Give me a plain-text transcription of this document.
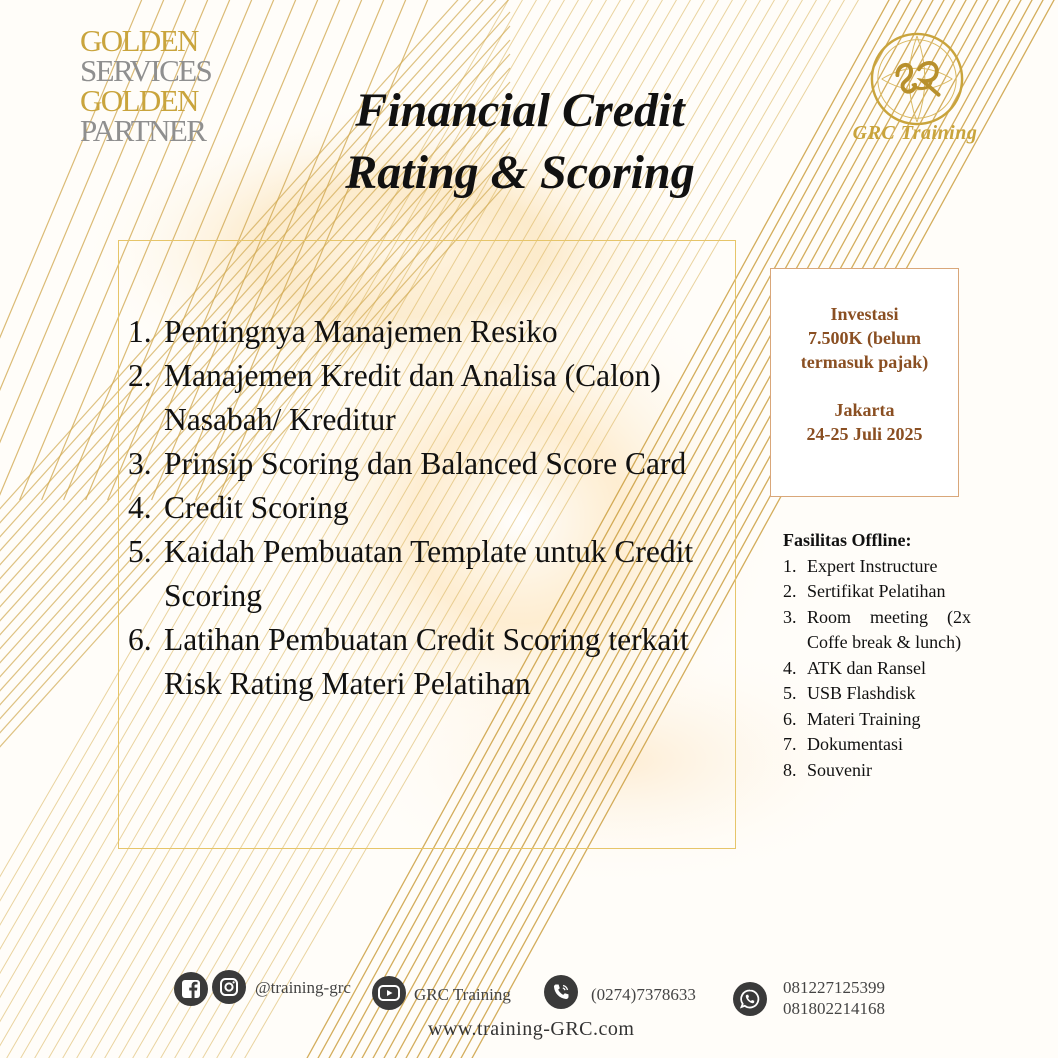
GOLDEN
SERVICES
GOLDEN
PARTNER	Financial Credit
Rating & Scoring
GRC Training
1. Pentingnya Manajemen Resiko
2. Manajemen Kredit dan Analisa (Calon) Nasabah/ Kreditur
3. Prinsip Scoring dan Balanced Score Card
4. Credit Scoring
5. Kaidah Pembuatan Template untuk Credit Scoring
6. Latihan Pembuatan Credit Scoring terkait Risk Rating Materi Pelatihan
Investasi
7.500K (belum
termasuk pajak)
Jakarta
24-25 Juli 2025
Fasilitas Offline:
1. Expert Instructure
2. Sertifikat Pelatihan
3. Room meeting (2x Coffe break & lunch)
4. ATK dan Ransel
5. USB Flashdisk
6. Materi Training
7. Dokumentasi
8. Souvenir
@training-grc	GRC Training	(0274)7378633	081227125399
081802214168
www.training-GRC.com
